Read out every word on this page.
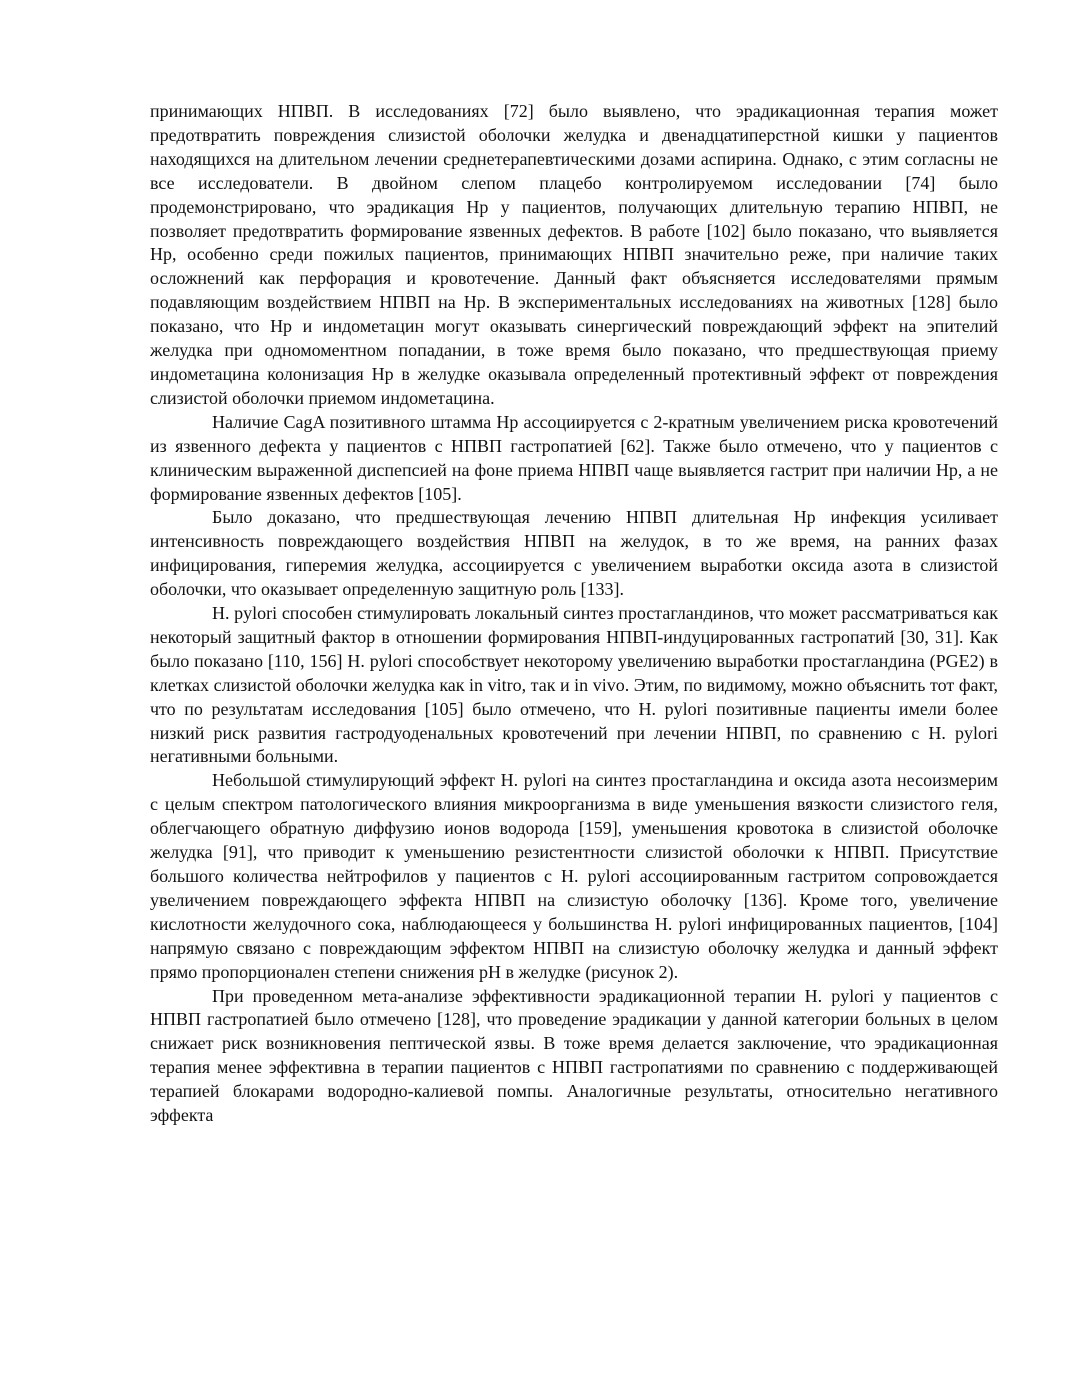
принимающих НПВП. В исследованиях [72] было выявлено, что эрадикационная терапия может предотвратить повреждения слизистой оболочки желудка и двенадцатиперстной кишки у пациентов находящихся на длительном лечении среднетерапевтическими дозами аспирина. Однако, с этим согласны не все исследователи. В двойном слепом плацебо контролируемом исследовании [74] было продемонстрировано, что эрадикация Нр у пациентов, получающих длительную терапию НПВП, не позволяет предотвратить формирование язвенных дефектов. В работе [102] было показано, что выявляется Нр, особенно среди пожилых пациентов, принимающих НПВП значительно реже, при наличие таких осложнений как перфорация и кровотечение. Данный факт объясняется исследователями прямым подавляющим воздействием НПВП на Нр. В экспериментальных исследованиях на животных [128] было показано, что Нр и индометацин могут оказывать синергический повреждающий эффект на эпителий желудка при одномоментном попадании, в тоже время было показано, что предшествующая приему индометацина колонизация Нр в желудке оказывала определенный протективный эффект от повреждения слизистой оболочки приемом индометацина.

Наличие CagA позитивного штамма Нр ассоциируется с 2-кратным увеличением риска кровотечений из язвенного дефекта у пациентов с НПВП гастропатией [62]. Также было отмечено, что у пациентов с клиническим выраженной диспепсией на фоне приема НПВП чаще выявляется гастрит при наличии Нр, а не формирование язвенных дефектов [105].

Было доказано, что предшествующая лечению НПВП длительная Нр инфекция усиливает интенсивность повреждающего воздействия НПВП на желудок, в то же время, на ранних фазах инфицирования, гиперемия желудка, ассоциируется с увеличением выработки оксида азота в слизистой оболочки, что оказывает определенную защитную роль [133].

H. pylori способен стимулировать локальный синтез простагландинов, что может рассматриваться как некоторый защитный фактор в отношении формирования НПВП-индуцированных гастропатий [30, 31]. Как было показано [110, 156] H. pylori способствует некоторому увеличению выработки простагландина (PGE2) в клетках слизистой оболочки желудка как in vitro, так и in vivo. Этим, по видимому, можно объяснить тот факт, что по результатам исследования [105] было отмечено, что H. pylori позитивные пациенты имели более низкий риск развития гастродуоденальных кровотечений при лечении НПВП, по сравнению с H. pylori негативными больными.

Небольшой стимулирующий эффект H. pylori на синтез простагландина и оксида азота несоизмерим с целым спектром патологического влияния микроорганизма в виде уменьшения вязкости слизистого геля, облегчающего обратную диффузию ионов водорода [159], уменьшения кровотока в слизистой оболочке желудка [91], что приводит к уменьшению резистентности слизистой оболочки к НПВП. Присутствие большого количества нейтрофилов у пациентов с H. pylori ассоциированным гастритом сопровождается увеличением повреждающего эффекта НПВП на слизистую оболочку [136]. Кроме того, увеличение кислотности желудочного сока, наблюдающееся у большинства H. pylori инфицированных пациентов, [104] напрямую связано с повреждающим эффектом НПВП на слизистую оболочку желудка и данный эффект прямо пропорционален степени снижения pH в желудке (рисунок 2).

При проведенном мета-анализе эффективности эрадикационной терапии H. pylori у пациентов с НПВП гастропатией было отмечено [128], что проведение эрадикации у данной категории больных в целом снижает риск возникновения пептической язвы. В тоже время делается заключение, что эрадикационная терапия менее эффективна в терапии пациентов с НПВП гастропатиями по сравнению с поддерживающей терапией блокарами водородно-калиевой помпы. Аналогичные результаты, относительно негативного эффекта
